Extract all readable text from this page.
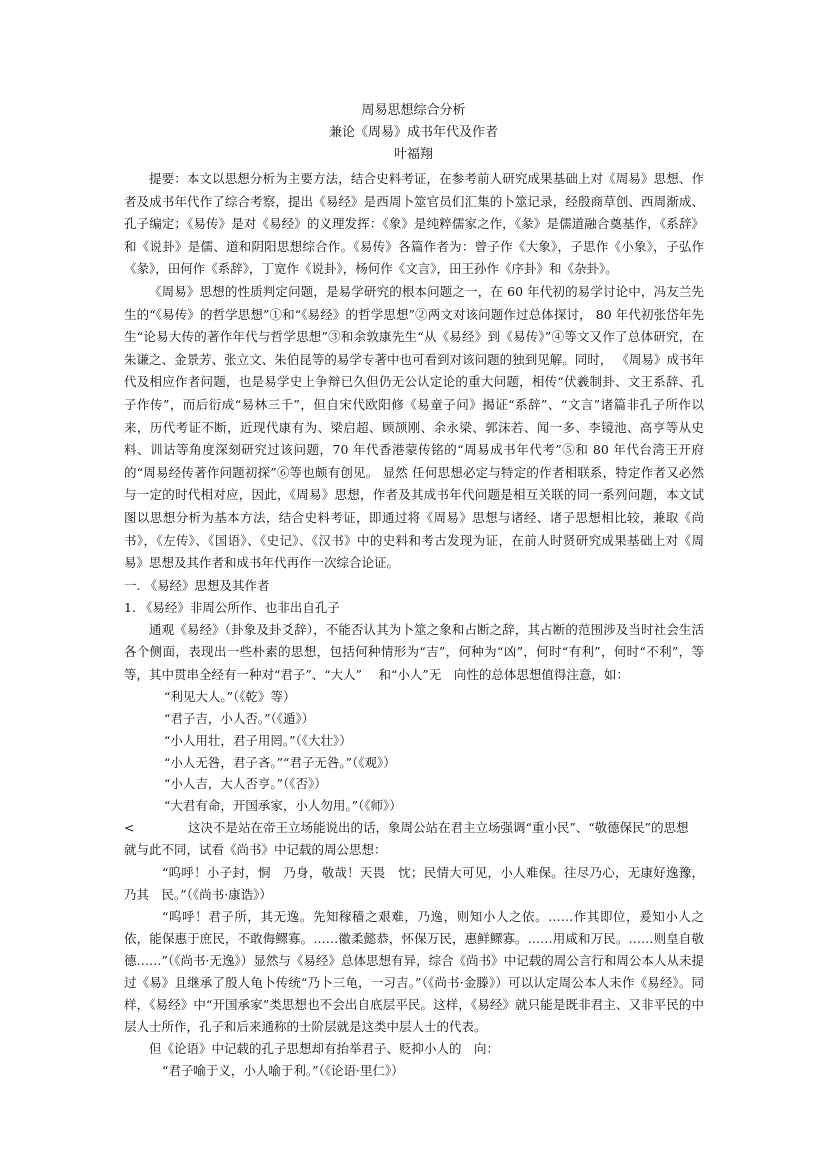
周易思想综合分析
兼论《周易》成书年代及作者
叶福翔

提要：本文以思想分析为主要方法，结合史料考证，在参考前人研究成果基础上对《周易》思想、作者及成书年代作了综合考察，提出《易经》是西周卜筮官员们汇集的卜筮记录，经殷商草创、西周渐成、孔子编定；《易传》是对《易经》的义理发挥：《象》是纯粹儒家之作，《彖》是儒道融合奠基作，《系辞》和《说卦》是儒、道和阴阳思想综合作。《易传》各篇作者为：曾子作《大象》，子思作《小象》，子弘作《彖》，田何作《系辞》，丁宽作《说卦》，杨何作《文言》，田王孙作《序卦》和《杂卦》。

《周易》思想的性质判定问题，是易学研究的根本问题之一，在 60 年代初的易学讨论中，冯友兰先生的“《易传》的哲学思想”①和“《易经》的哲学思想”②两文对该问题作过总体探讨， 80 年代初张岱年先生“论易大传的著作年代与哲学思想”③和余敦康先生“从《易经》到《易传》”④等文又作了总体研究，在朱谦之、金景芳、张立文、朱伯昆等的易学专著中也可看到对该问题的独到见解。同时， 《周易》成书年代及相应作者问题，也是易学史上争辩已久但仍无公认定论的重大问题，相传“伏羲制卦、文王系辞、孔子作传”，而后衍成“易林三千”，但自宋代欧阳修《易童子问》揭证“系辞”、“文言”诸篇非孔子所作以来，历代考证不断，近现代康有为、梁启超、顾颉刚、余永梁、郭沫若、闻一多、李镜池、高亨等从史料、训诂等角度深刻研究过该问题，70 年代香港蒙传铭的“周易成书年代考”⑤和 80 年代台湾王开府的“周易经传著作问题初探”⑥等也颇有创见。 显然 任何思想必定与特定的作者相联系，特定作者又必然与一定的时代相对应，因此，《周易》思想，作者及其成书年代问题是相互关联的同一系列问题，本文试图以思想分析为基本方法，结合史料考证，即通过将《周易》思想与诸经、诸子思想相比较，兼取《尚书》，《左传》、《国语》、《史记》、《汉书》中的史料和考古发现为证，在前人时贤研究成果基础上对《周易》思想及其作者和成书年代再作一次综合论证。

一. 《易经》思想及其作者

1. 《易经》非周公所作、也非出自孔子

通观《易经》（卦象及卦爻辞），不能否认其为卜筮之象和占断之辞，其占断的范围涉及当时社会生活各个侧面，表现出一些朴素的思想，包括何种情形为“吉”，何种为“凶”，何时“有利”，何时“不利”，等等，其中贯串全经有一种对“君子”、“大人”　 和“小人”无　向性的总体思想值得注意，如：

“利见大人。”（《乾》等）

“君子吉，小人否。”（《遁》）

“小人用壮，君子用罔。”（《大壮》）

“小人无咎，君子吝。”“君子无咎。”（《观》）

“小人吉，大人否亨。”（《否》）

“大君有命，开国承家，小人勿用。”（《师》）

<	这决不是站在帝王立场能说出的话，象周公站在君主立场强调“重小民”、“敬德保民”的思想

就与此不同，试看《尚书》中记载的周公思想：

“呜呼！小子封，恫　乃身，敬哉！天畏　忱；民情大可见，小人难保。往尽乃心，无康好逸豫，乃其　民。”（《尚书·康诰》）

“呜呼！君子所，其无逸。先知稼穑之艰难，乃逸，则知小人之依。……作其即位，爰知小人之依，能保惠于庶民，不敢侮鳏寡。……徽柔懿恭，怀保万民，惠鲜鳏寡。……用咸和万民。……则皇自敬德……”（《尚书·无逸》）显然与《易经》总体思想有异，综合《尚书》中记载的周公言行和周公本人从未提过《易》且继承了殷人龟卜传统“乃卜三龟，一习吉。”（《尚书·金滕》）可以认定周公本人未作《易经》。同样，《易经》中“开国承家”类思想也不会出自底层平民。这样，《易经》就只能是既非君主、又非平民的中层人士所作，孔子和后来通称的士阶层就是这类中层人士的代表。

但《论语》中记载的孔子思想却有抬举君子、贬抑小人的　向：

“君子喻于义，小人喻于利。”（《论语·里仁》）
